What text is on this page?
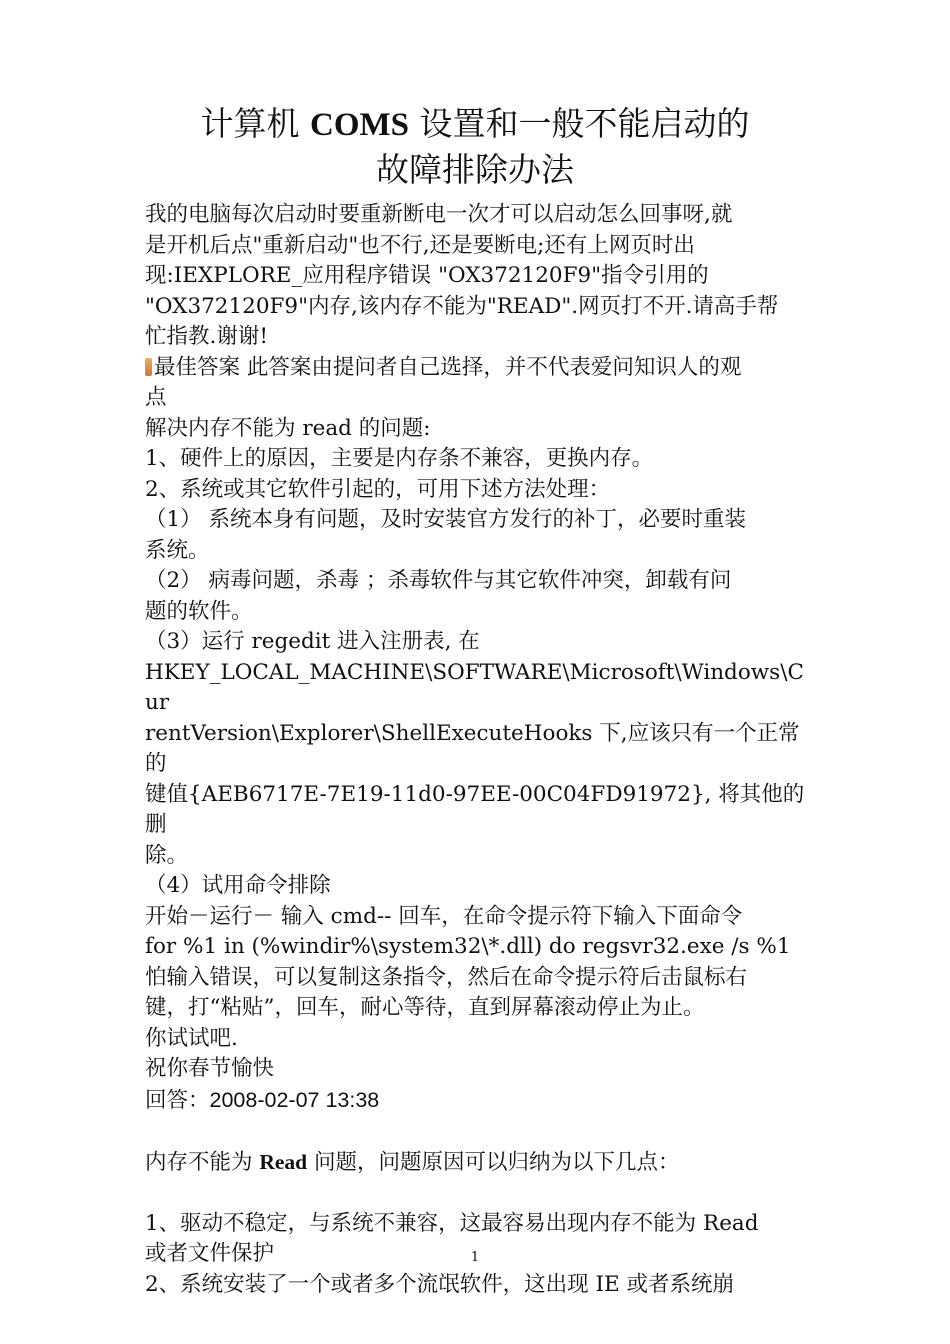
计算机 COMS 设置和一般不能启动的
故障排除办法

我的电脑每次启动时要重新断电一次才可以启动怎么回事呀,就

是开机后点"重新启动"也不行,还是要断电;还有上网页时出

现:IEXPLORE_应用程序错误 "OX372120F9"指令引用的

"OX372120F9"内存,该内存不能为"READ".网页打不开.请高手帮

忙指教.谢谢!

最佳答案 此答案由提问者自己选择，并不代表爱问知识人的观

点

解决内存不能为 read 的问题:

1、硬件上的原因，主要是内存条不兼容，更换内存。

2、系统或其它软件引起的，可用下述方法处理：

（1） 系统本身有问题，及时安装官方发行的补丁，必要时重装

系统。

（2） 病毒问题，杀毒 ；杀毒软件与其它软件冲突，卸载有问

题的软件。

（3）运行 regedit 进入注册表, 在

HKEY_LOCAL_MACHINE\SOFTWARE\Microsoft\Windows\Cur

rentVersion\Explorer\ShellExecuteHooks 下,应该只有一个正常的

键值{AEB6717E-7E19-11d0-97EE-00C04FD91972}, 将其他的删

除。

（4）试用命令排除

开始－运行－ 输入 cmd-- 回车，在命令提示符下输入下面命令

for %1 in (%windir%\system32\*.dll) do regsvr32.exe /s %1

怕输入错误，可以复制这条指令，然后在命令提示符后击鼠标右

键，打“粘贴”，回车，耐心等待，直到屏幕滚动停止为止。

你试试吧.

祝你春节愉快

回答：2008-02-07 13:38

内存不能为 Read 问题，问题原因可以归纳为以下几点：

1、驱动不稳定，与系统不兼容，这最容易出现内存不能为 Read

或者文件保护

2、系统安装了一个或者多个流氓软件，这出现 IE 或者系统崩

1
